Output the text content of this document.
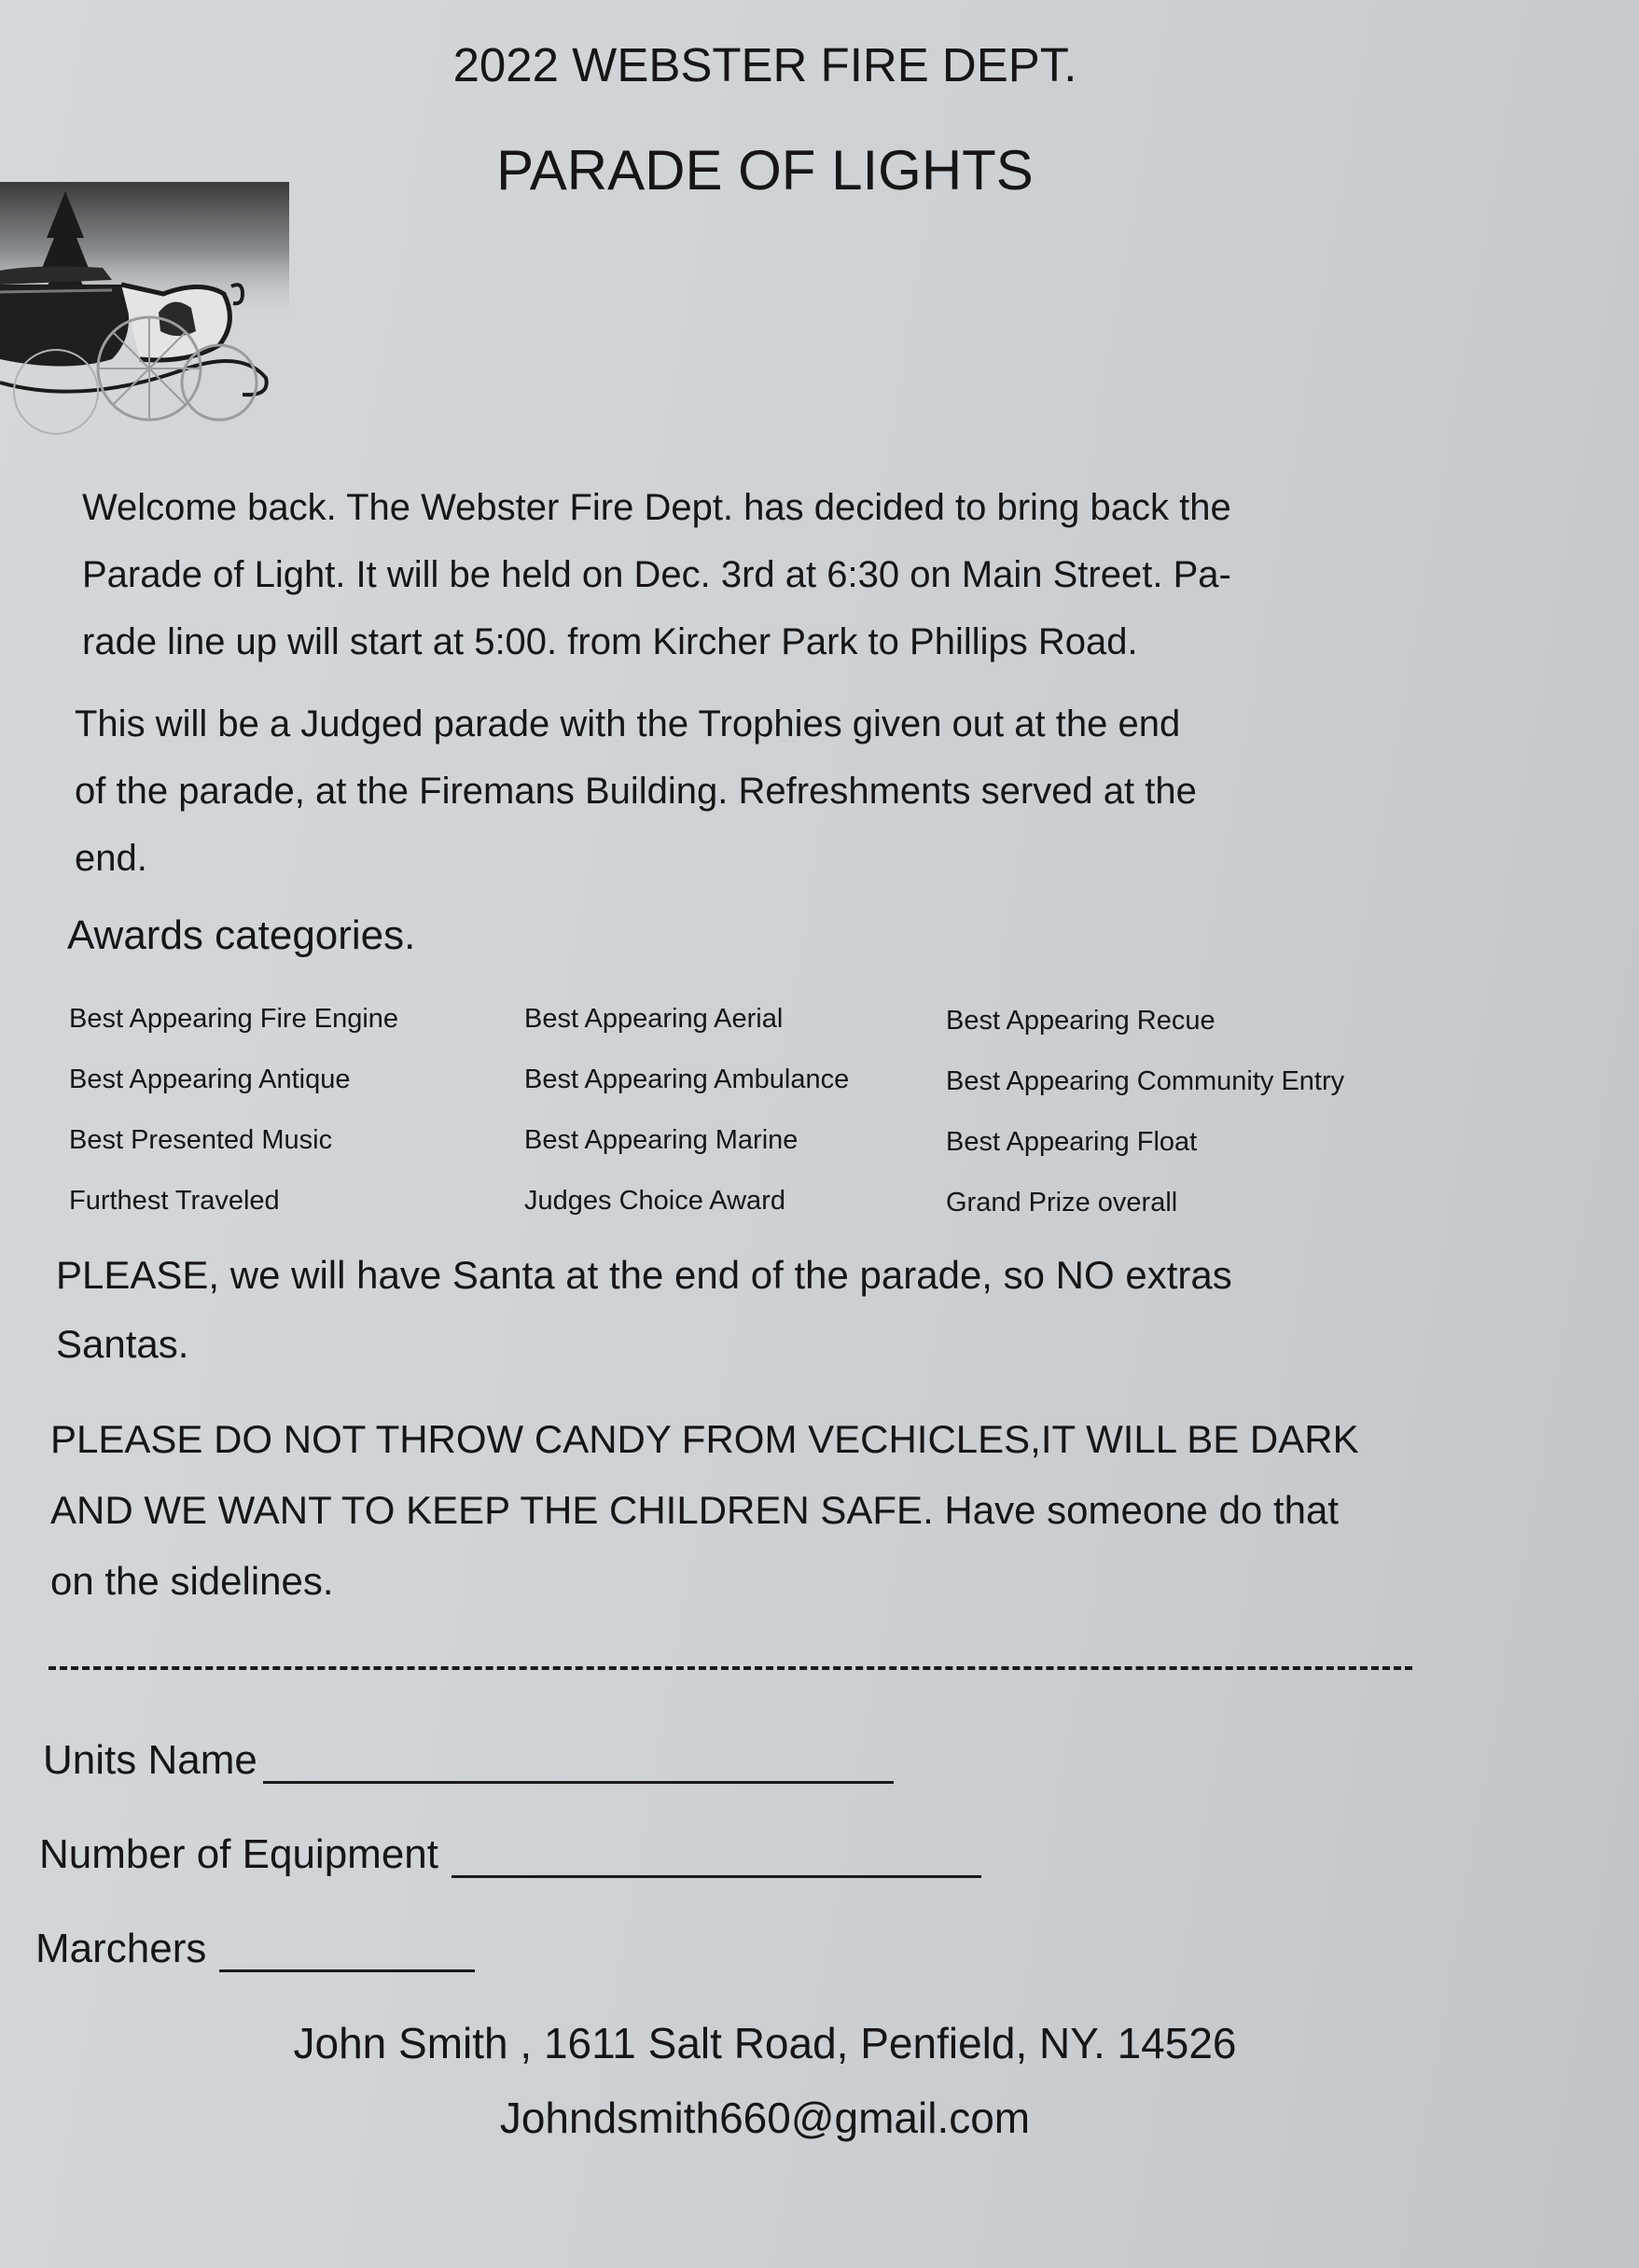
2022 WEBSTER FIRE DEPT.
PARADE OF LIGHTS
Welcome back. The Webster Fire Dept. has decided to bring back the
Parade of Light. It will be held on Dec. 3rd at 6:30 on Main Street. Pa-
rade line up will start at 5:00. from Kircher Park to Phillips Road.
This will be a Judged parade with the Trophies given out at the end
of the parade, at the Firemans Building. Refreshments served at the
end.
Awards categories.
Best Appearing Fire Engine
Best Appearing Antique
Best Presented Music
Furthest Traveled
Best Appearing Aerial
Best Appearing Ambulance
Best Appearing Marine
Judges Choice Award
Best Appearing Recue
Best Appearing Community Entry
Best Appearing Float
Grand Prize overall
PLEASE, we will have Santa at the end of the parade, so NO extras
Santas.
PLEASE DO NOT THROW CANDY FROM VECHICLES,IT WILL BE DARK
AND WE WANT TO KEEP THE CHILDREN SAFE. Have someone do that
on the sidelines.
Units Name
Number of Equipment
Marchers
John Smith , 1611 Salt Road, Penfield, NY. 14526
Johndsmith660@gmail.com
